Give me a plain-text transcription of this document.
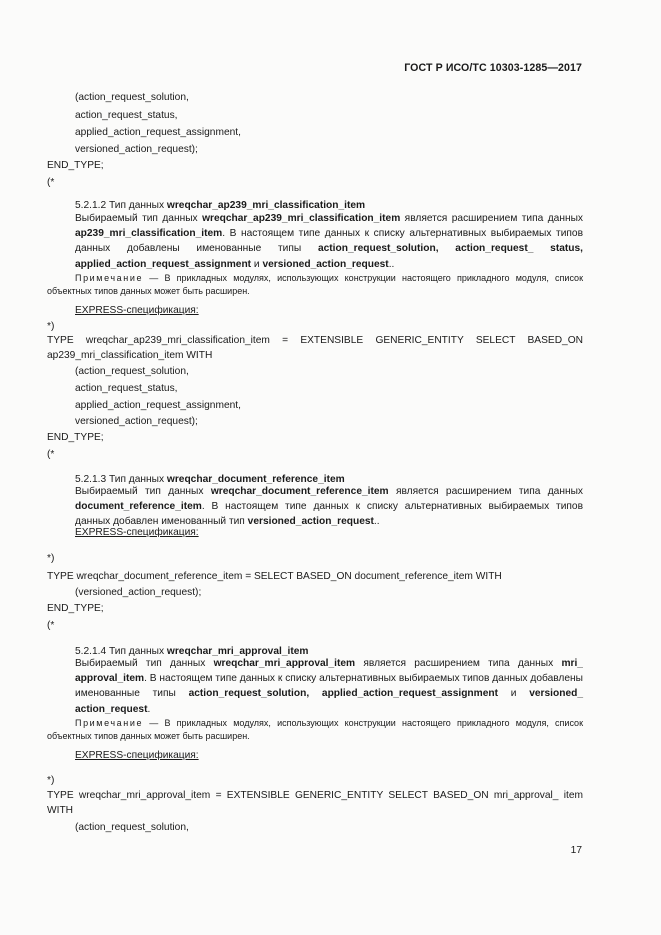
ГОСТ Р ИСО/ТС 10303-1285—2017
(action_request_solution,
action_request_status,
applied_action_request_assignment,
versioned_action_request);
END_TYPE;
(*
5.2.1.2 Тип данных wreqchar_ap239_mri_classification_item
Выбираемый тип данных wreqchar_ap239_mri_classification_item является расширением типа данных ap239_mri_classification_item. В настоящем типе данных к списку альтернативных выбираемых типов данных добавлены именованные типы action_request_solution, action_request_ status, applied_action_request_assignment и versioned_action_request..
Примечание — В прикладных модулях, использующих конструкции настоящего прикладного модуля, список объектных типов данных может быть расширен.
EXPRESS-спецификация:
*)
TYPE wreqchar_ap239_mri_classification_item = EXTENSIBLE GENERIC_ENTITY SELECT BASED_ON ap239_mri_classification_item WITH
(action_request_solution,
action_request_status,
applied_action_request_assignment,
versioned_action_request);
END_TYPE;
(*
5.2.1.3 Тип данных wreqchar_document_reference_item
Выбираемый тип данных wreqchar_document_reference_item является расширением типа данных document_reference_item. В настоящем типе данных к списку альтернативных выбираемых типов данных добавлен именованный тип versioned_action_request..
EXPRESS-спецификация:
*)
TYPE wreqchar_document_reference_item = SELECT BASED_ON document_reference_item WITH
(versioned_action_request);
END_TYPE;
(*
5.2.1.4 Тип данных wreqchar_mri_approval_item
Выбираемый тип данных wreqchar_mri_approval_item является расширением типа данных mri_ approval_item. В настоящем типе данных к списку альтернативных выбираемых типов данных добавлены именованные типы action_request_solution, applied_action_request_assignment и versioned_ action_request.
Примечание — В прикладных модулях, использующих конструкции настоящего прикладного модуля, список объектных типов данных может быть расширен.
EXPRESS-спецификация:
*)
TYPE wreqchar_mri_approval_item = EXTENSIBLE GENERIC_ENTITY SELECT BASED_ON mri_approval_ item WITH
(action_request_solution,
17
